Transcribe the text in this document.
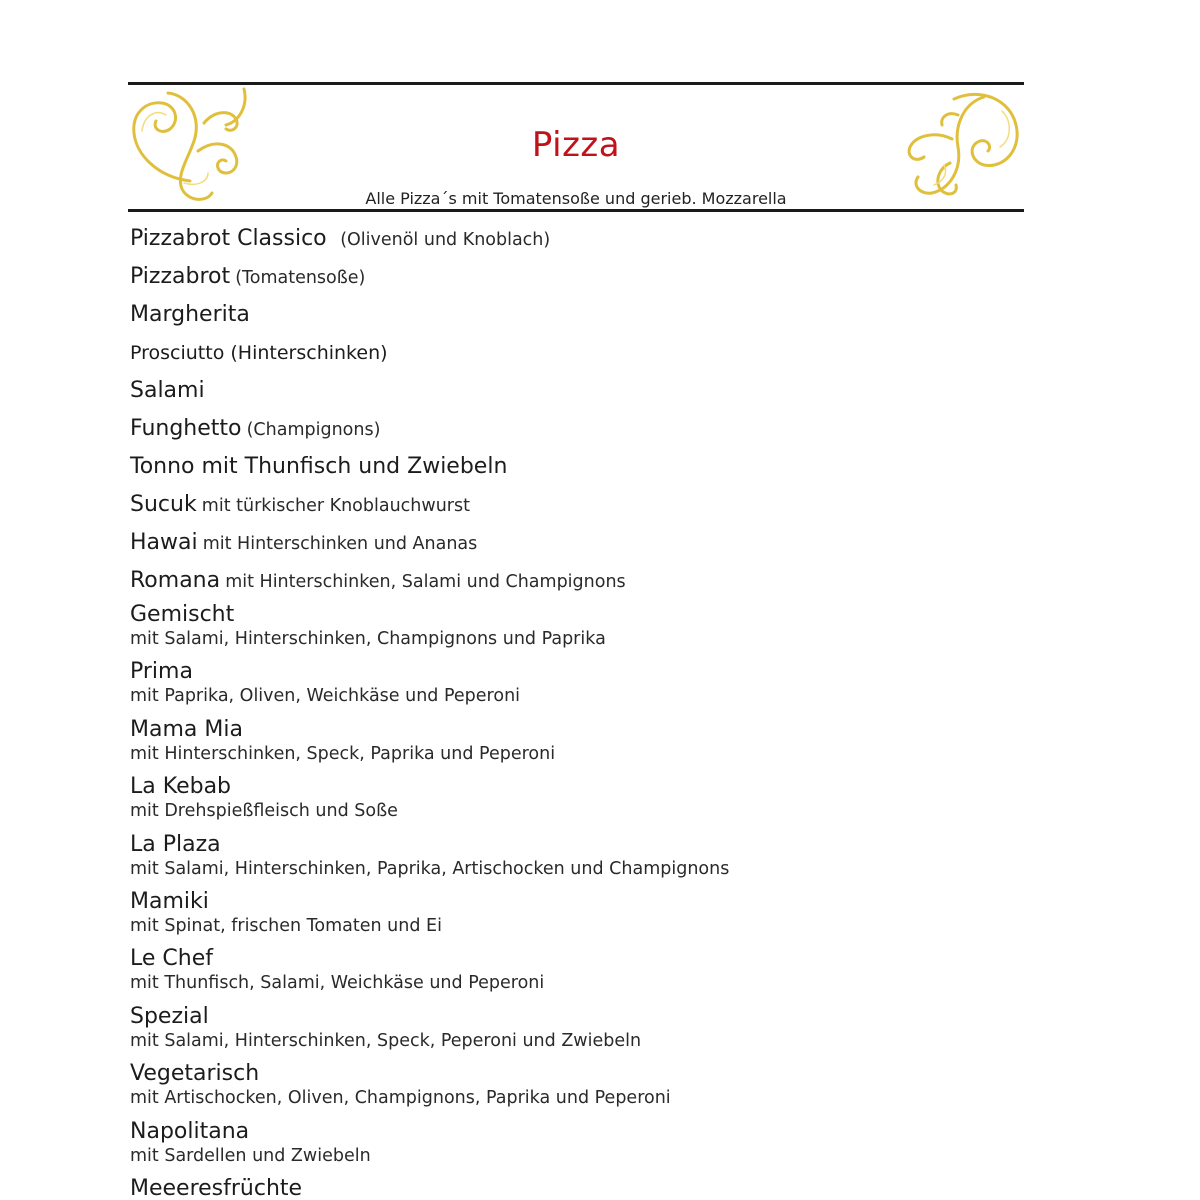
Pizza
Alle Pizza´s mit Tomatensoße und gerieb. Mozzarella
Pizzabrot Classico (Olivenöl und Knoblach)
Pizzabrot (Tomatensoße)
Margherita
Prosciutto (Hinterschinken)
Salami
Funghetto (Champignons)
Tonno mit Thunfisch und Zwiebeln
Sucuk mit türkischer Knoblauchwurst
Hawai mit Hinterschinken und Ananas
Romana mit Hinterschinken, Salami und Champignons
Gemischt
mit Salami, Hinterschinken, Champignons und Paprika
Prima
mit Paprika, Oliven, Weichkäse und Peperoni
Mama Mia
mit Hinterschinken, Speck, Paprika und Peperoni
La Kebab
mit Drehspießfleisch und Soße
La Plaza
mit Salami, Hinterschinken, Paprika, Artischocken und Champignons
Mamiki
mit Spinat, frischen Tomaten und Ei
Le Chef
mit Thunfisch, Salami, Weichkäse und Peperoni
Spezial
mit Salami, Hinterschinken, Speck, Peperoni und Zwiebeln
Vegetarisch
mit Artischocken, Oliven, Champignons, Paprika und Peperoni
Napolitana
mit Sardellen und Zwiebeln
Meeeresfrüchte
